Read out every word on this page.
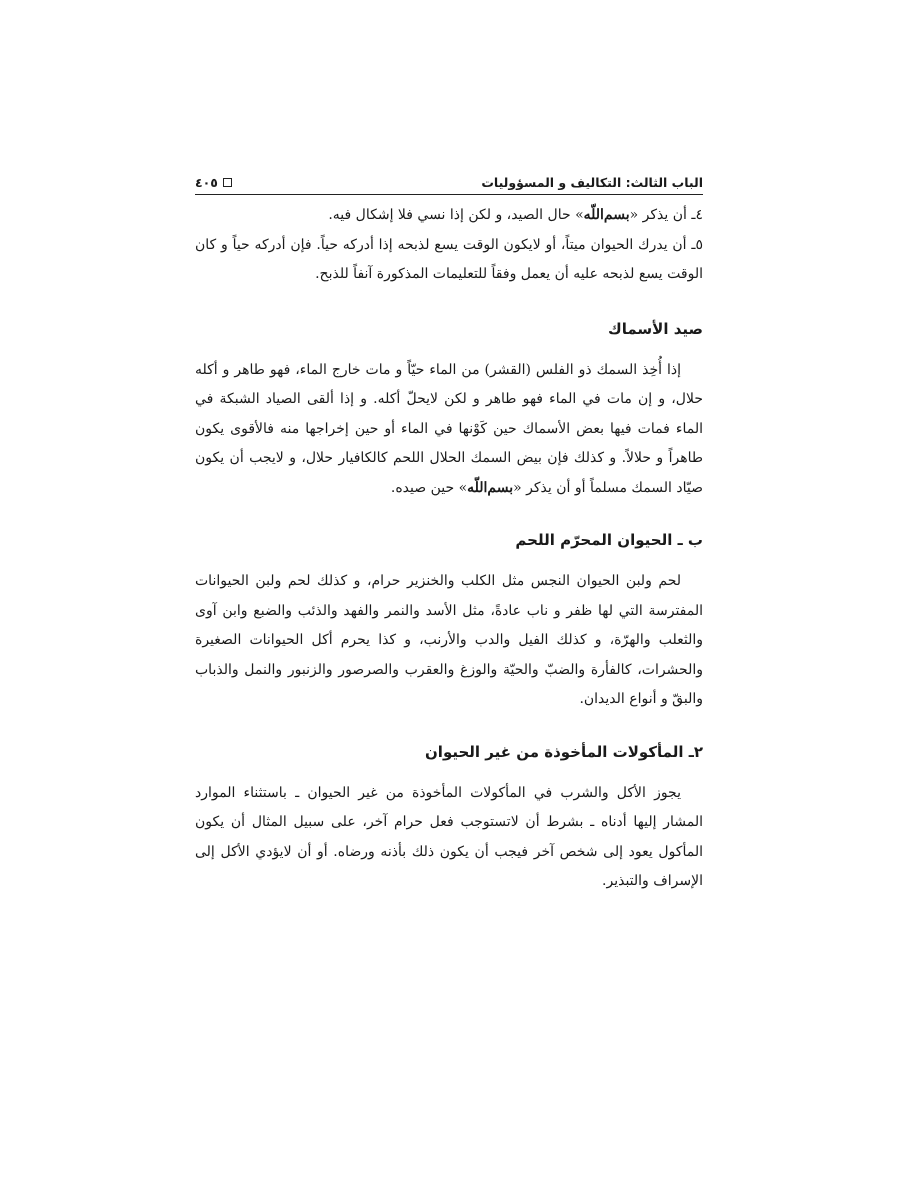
الباب الثالث: التكاليف و المسؤوليات
٤٠٥

٤ـ أن يذكر «بسم‌اللّه» حال الصيد، و لكن إذا نسي فلا إشكال فيه.

٥ـ أن يدرك الحيوان ميتاً، أو لايكون الوقت يسع لذبحه إذا أدركه حياً. فإن أدركه حياً و كان الوقت يسع لذبحه عليه أن يعمل وفقاً للتعليمات المذكورة آنفاً للذبح.

صيد الأسماك

إذا أُخِذ السمك ذو الفلس (القشر) من الماء حيّاً و مات خارج الماء، فهو طاهر و أكله حلال، و إن مات في الماء فهو طاهر و لكن لايحلّ أكله. و إذا ألقى الصياد الشبكة في الماء فمات فيها بعض الأسماك حين كَوْنها في الماء أو حين إخراجها منه فالأقوى يكون طاهراً و حلالاً. و كذلك فإن بيض السمك الحلال اللحم كالكافيار حلال، و لايجب أن يكون صيّاد السمك مسلماً أو أن يذكر «بسم‌اللّه» حين صيده.

ب ـ الحيوان المحرّم اللحم

لحم ولبن الحيوان النجس مثل الكلب والخنزير حرام، و كذلك لحم ولبن الحيوانات المفترسة التي لها ظفر و ناب عادةً، مثل الأسد والنمر والفهد والذئب والضبع وابن آوى والثعلب والهرّة، و كذلك الفيل والدب والأرنب، و كذا يحرم أكل الحيوانات الصغيرة والحشرات، كالفأرة والضبّ والحيّة والوزغ والعقرب والصرصور والزنبور والنمل والذباب والبقّ و أنواع الديدان.

٢ـ المأكولات المأخوذة من غير الحيوان

يجوز الأكل والشرب في المأكولات المأخوذة من غير الحيوان ـ باستثناء الموارد المشار إليها أدناه ـ بشرط أن لاتستوجب فعل حرام آخر، على سبيل المثال أن يكون المأكول يعود إلى شخص آخر فيجب أن يكون ذلك بأذنه ورضاه. أو أن لايؤدي الأكل إلى الإسراف والتبذير.
